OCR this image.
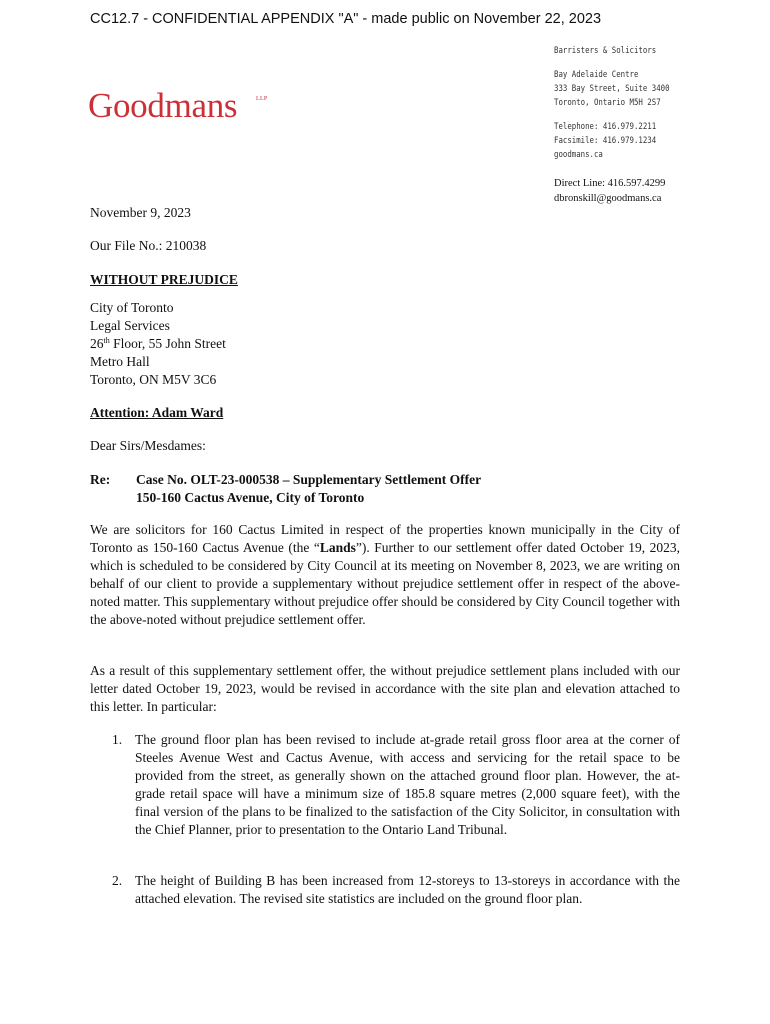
CC12.7 - CONFIDENTIAL APPENDIX "A" - made public on November 22, 2023
Goodmans	LLP
Barristers & Solicitors
Bay Adelaide Centre
333 Bay Street, Suite 3400
Toronto, Ontario M5H 2S7
Telephone: 416.979.2211
Facsimile: 416.979.1234
goodmans.ca
Direct Line: 416.597.4299
dbronskill@goodmans.ca
November 9, 2023
Our File No.: 210038
WITHOUT PREJUDICE
City of Toronto
Legal Services
26th Floor, 55 John Street
Metro Hall
Toronto, ON M5V 3C6
Attention: Adam Ward
Dear Sirs/Mesdames:
Re: Case No. OLT-23-000538 – Supplementary Settlement Offer
150-160 Cactus Avenue, City of Toronto
We are solicitors for 160 Cactus Limited in respect of the properties known municipally in the City of Toronto as 150-160 Cactus Avenue (the “Lands”). Further to our settlement offer dated October 19, 2023, which is scheduled to be considered by City Council at its meeting on November 8, 2023, we are writing on behalf of our client to provide a supplementary without prejudice settlement offer in respect of the above-noted matter. This supplementary without prejudice offer should be considered by City Council together with the above-noted without prejudice settlement offer.
As a result of this supplementary settlement offer, the without prejudice settlement plans included with our letter dated October 19, 2023, would be revised in accordance with the site plan and elevation attached to this letter. In particular:
1. The ground floor plan has been revised to include at-grade retail gross floor area at the corner of Steeles Avenue West and Cactus Avenue, with access and servicing for the retail space to be provided from the street, as generally shown on the attached ground floor plan. However, the at-grade retail space will have a minimum size of 185.8 square metres (2,000 square feet), with the final version of the plans to be finalized to the satisfaction of the City Solicitor, in consultation with the Chief Planner, prior to presentation to the Ontario Land Tribunal.
2. The height of Building B has been increased from 12-storeys to 13-storeys in accordance with the attached elevation. The revised site statistics are included on the ground floor plan.
